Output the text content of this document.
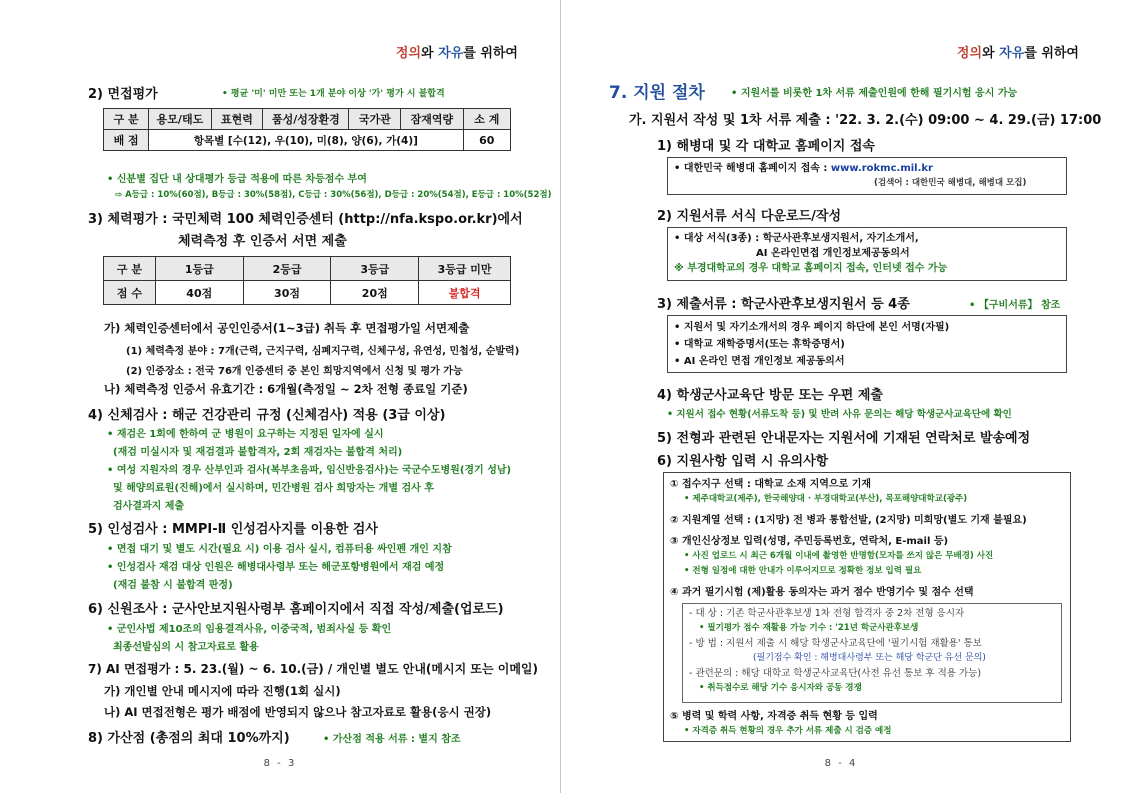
정의와 자유를 위하여
2) 면접평가	• 평균 '미' 미만 또는 1개 분야 이상 '가' 평가 시 불합격
구 분	용모/태도	표현력	품성/성장환경	국가관	잠재역량	소 계
배 점	항목별 [수(12), 우(10), 미(8), 양(6), 가(4)]					60
• 신분별 집단 내 상대평가 등급 적용에 따른 차등점수 부여
⇨ A등급 : 10%(60점), B등급 : 30%(58점), C등급 : 30%(56점), D등급 : 20%(54점), E등급 : 10%(52점)
3) 체력평가 : 국민체력 100 체력인증센터 (http://nfa.kspo.or.kr)에서
체력측정 후 인증서 서면 제출
구 분	1등급	2등급	3등급	3등급 미만
점 수	40점	30점	20점	불합격
가) 체력인증센터에서 공인인증서(1~3급) 취득 후 면접평가일 서면제출
(1) 체력측정 분야 : 7개(근력, 근지구력, 심폐지구력, 신체구성, 유연성, 민첩성, 순발력)
(2) 인증장소 : 전국 76개 인증센터 중 본인 희망지역에서 신청 및 평가 가능
나) 체력측정 인증서 유효기간 : 6개월(측정일 ~ 2차 전형 종료일 기준)
4) 신체검사 : 해군 건강관리 규정 (신체검사) 적용 (3급 이상)
• 재검은 1회에 한하여 군 병원이 요구하는 지정된 일자에 실시
(재검 미실시자 및 재검결과 불합격자, 2회 재검자는 불합격 처리)
• 여성 지원자의 경우 산부인과 검사(복부초음파, 임신반응검사)는 국군수도병원(경기 성남)
및 해양의료원(진해)에서 실시하며, 민간병원 검사 희망자는 개별 검사 후
검사결과지 제출
5) 인성검사 : MMPI-Ⅱ 인성검사지를 이용한 검사
• 면접 대기 및 별도 시간(필요 시) 이용 검사 실시, 컴퓨터용 싸인펜 개인 지참
• 인성검사 재검 대상 인원은 해병대사령부 또는 해군포항병원에서 재검 예정
(재검 불참 시 불합격 판정)
6) 신원조사 : 군사안보지원사령부 홈페이지에서 직접 작성/제출(업로드)
• 군인사법 제10조의 임용결격사유, 이중국적, 범죄사실 등 확인
최종선발심의 시 참고자료로 활용
7) AI 면접평가 : 5. 23.(월) ~ 6. 10.(금) / 개인별 별도 안내(메시지 또는 이메일)
가) 개인별 안내 메시지에 따라 진행(1회 실시)
나) AI 면접전형은 평가 배점에 반영되지 않으나 참고자료로 활용(응시 권장)
8) 가산점 (총점의 최대 10%까지)	• 가산점 적용 서류 : 별지 참조
8 - 3
정의와 자유를 위하여
7. 지원 절차	• 지원서를 비롯한 1차 서류 제출인원에 한해 필기시험 응시 가능
가. 지원서 작성 및 1차 서류 제출 : '22. 3. 2.(수) 09:00 ~ 4. 29.(금) 17:00
1) 해병대 및 각 대학교 홈페이지 접속
• 대한민국 해병대 홈페이지 접속 : www.rokmc.mil.kr
(검색어 : 대한민국 해병대, 해병대 모집)
2) 지원서류 서식 다운로드/작성
• 대상 서식(3종) : 학군사관후보생지원서, 자기소개서,
AI 온라인면접 개인정보제공동의서
※ 부경대학교의 경우 대학교 홈페이지 접속, 인터넷 접수 가능
3) 제출서류 : 학군사관후보생지원서 등 4종	• 【구비서류】 참조
• 지원서 및 자기소개서의 경우 페이지 하단에 본인 서명(자필)
• 대학교 재학증명서(또는 휴학증명서)
• AI 온라인 면접 개인정보 제공동의서
4) 학생군사교육단 방문 또는 우편 제출
• 지원서 접수 현황(서류도착 등) 및 반려 사유 문의는 해당 학생군사교육단에 확인
5) 전형과 관련된 안내문자는 지원서에 기재된 연락처로 발송예정
6) 지원사항 입력 시 유의사항
① 접수지구 선택 : 대학교 소재 지역으로 기재
• 제주대학교(제주), 한국해양대 · 부경대학교(부산), 목포해양대학교(광주)
② 지원계열 선택 : (1지망) 전 병과 통합선발, (2지망) 미희망(별도 기재 불필요)
③ 개인신상정보 입력(성명, 주민등록번호, 연락처, E-mail 등)
• 사진 업로드 시 최근 6개월 이내에 촬영한 반명함(모자를 쓰지 않은 무배경) 사진
• 전형 일정에 대한 안내가 이루어지므로 정확한 정보 입력 필요
④ 과거 필기시험 (제)활용 동의자는 과거 점수 반영기수 및 점수 선택
- 대 상 : 기존 학군사관후보생 1차 전형 합격자 중 2차 전형 응시자
• 필기평가 점수 재활용 가능 기수 : '21년 학군사관후보생
- 방 법 : 지원서 제출 시 해당 학생군사교육단에 '필기시험 재활용' 통보
(필기점수 확인 : 해병대사령부 또는 해당 학군단 유선 문의)
- 관련문의 : 해당 대학교 학생군사교육단(사전 유선 통보 후 적용 가능)
• 취득점수로 해당 기수 응시자와 공동 경쟁
⑤ 병력 및 학력 사항, 자격증 취득 현황 등 입력
• 자격증 취득 현황의 경우 추가 서류 제출 시 검증 예정
8 - 4
